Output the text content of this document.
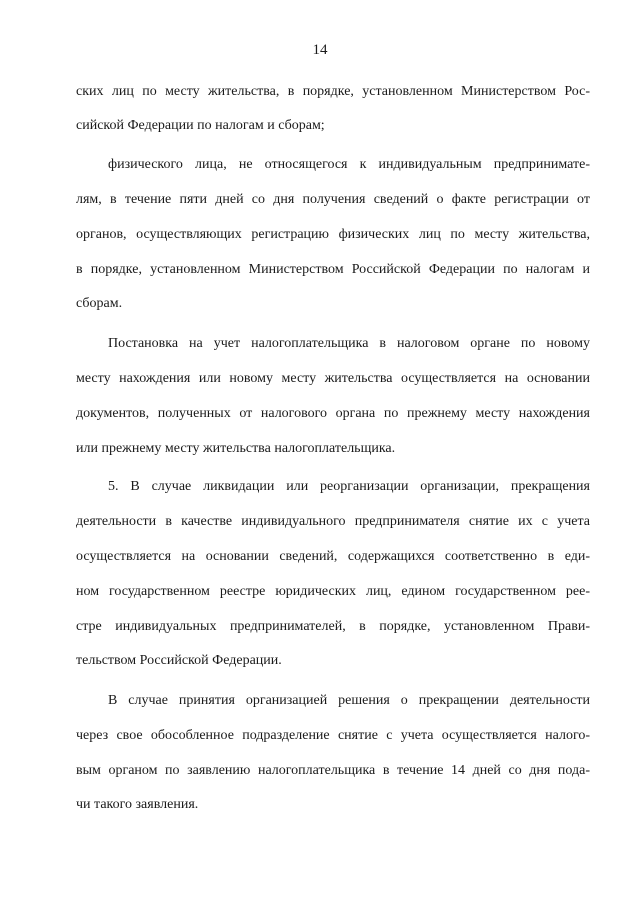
14
ских лиц по месту жительства, в порядке, установленном Министерством Рос-
сийской Федерации по налогам и сборам;
физического лица, не относящегося к индивидуальным предпринимате-
лям, в течение пяти дней со дня получения сведений о факте регистрации от
органов, осуществляющих регистрацию физических лиц по месту жительства,
в порядке, установленном Министерством Российской Федерации по налогам и
сборам.
Постановка на учет налогоплательщика в налоговом органе по новому
месту нахождения или новому месту жительства осуществляется на основании
документов, полученных от налогового органа по прежнему месту нахождения
или прежнему месту жительства налогоплательщика.
5. В случае ликвидации или реорганизации организации, прекращения
деятельности в качестве индивидуального предпринимателя снятие их с учета
осуществляется на основании сведений, содержащихся соответственно в еди-
ном государственном реестре юридических лиц, едином государственном рее-
стре индивидуальных предпринимателей, в порядке, установленном Прави-
тельством Российской Федерации.
В случае принятия организацией решения о прекращении деятельности
через свое обособленное подразделение снятие с учета осуществляется налого-
вым органом по заявлению налогоплательщика в течение 14 дней со дня пода-
чи такого заявления.
